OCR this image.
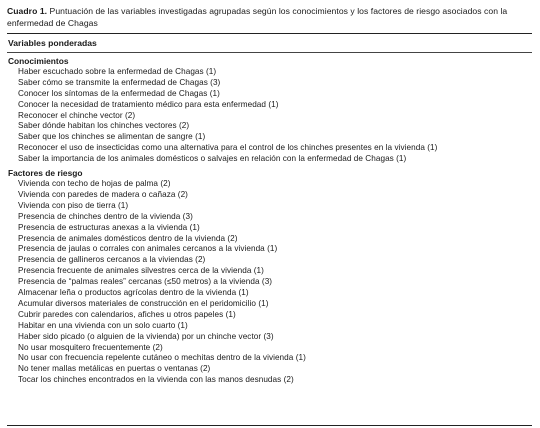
Cuadro 1. Puntuación de las variables investigadas agrupadas según los conocimientos y los factores de riesgo asociados con la enfermedad de Chagas

Variables ponderadas
Conocimientos
Haber escuchado sobre la enfermedad de Chagas (1)
Saber cómo se transmite la enfermedad de Chagas (3)
Conocer los síntomas de la enfermedad de Chagas (1)
Conocer la necesidad de tratamiento médico para esta enfermedad (1)
Reconocer el chinche vector (2)
Saber dónde habitan los chinches vectores (2)
Saber que los chinches se alimentan de sangre (1)
Reconocer el uso de insecticidas como una alternativa para el control de los chinches presentes en la vivienda (1)
Saber la importancia de los animales domésticos o salvajes en relación con la enfermedad de Chagas (1)
Factores de riesgo
Vivienda con techo de hojas de palma (2)
Vivienda con paredes de madera o cañaza (2)
Vivienda con piso de tierra (1)
Presencia de chinches dentro de la vivienda (3)
Presencia de estructuras anexas a la vivienda (1)
Presencia de animales domésticos dentro de la vivienda (2)
Presencia de jaulas o corrales con animales cercanos a la vivienda (1)
Presencia de gallineros cercanos a la viviendas (2)
Presencia frecuente de animales silvestres cerca de la vivienda (1)
Presencia de “palmas reales” cercanas (≤50 metros) a la vivienda (3)
Almacenar leña o productos agrícolas dentro de la vivienda (1)
Acumular diversos materiales de construcción en el peridomicilio (1)
Cubrir paredes con calendarios, afiches u otros papeles (1)
Habitar en una vivienda con un solo cuarto (1)
Haber sido picado (o alguien de la vivienda) por un chinche vector (3)
No usar mosquitero frecuentemente (2)
No usar con frecuencia repelente cutáneo o mechitas dentro de la vivienda (1)
No tener mallas metálicas en puertas o ventanas (2)
Tocar los chinches encontrados en la vivienda con las manos desnudas (2)
